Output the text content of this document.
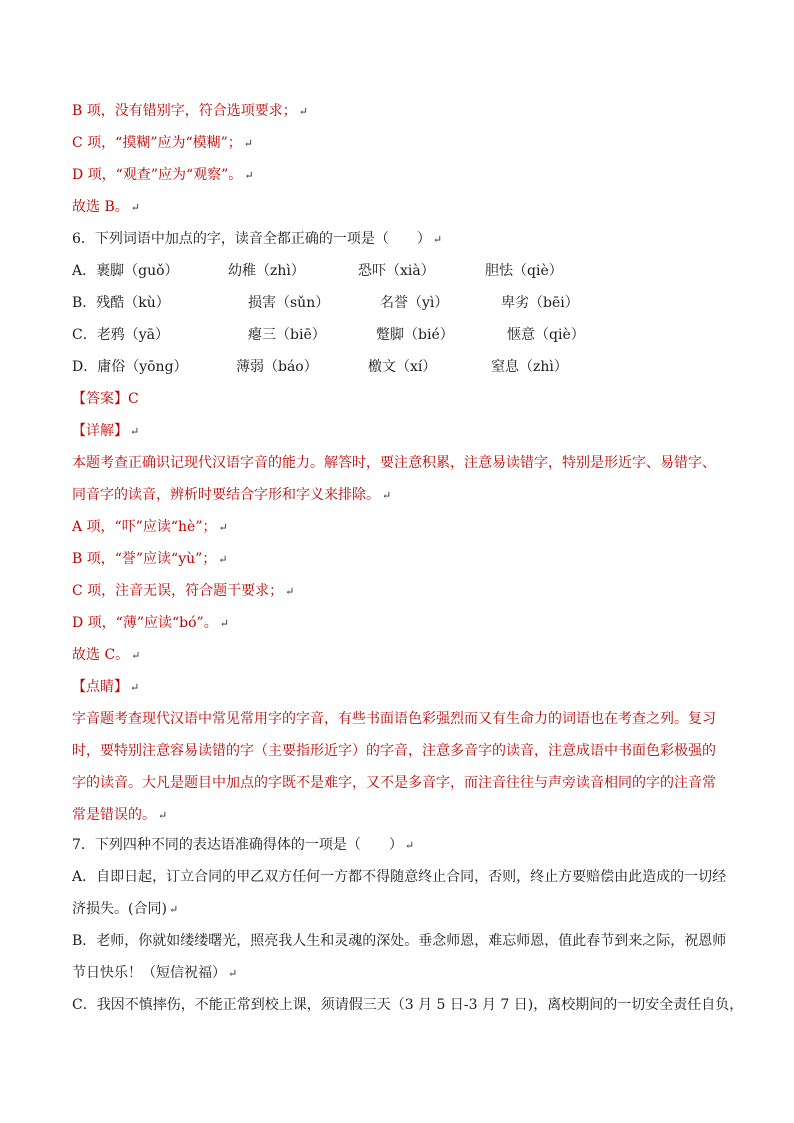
B 项，没有错别字，符合选项要求； ↵
C 项，“摸糊”应为“模糊”； ↵
D 项，“观查”应为“观察”。 ↵
故选 B。 ↵
6．下列词语中加点的字，读音全都正确的一项是（　　） ↵
A．裹脚（guǒ）	幼稚（zhì）	恐吓（xià）	胆怯（qiè）
B．残酷（kù）	损害（sǔn）	名誉（yì）	卑劣（bēi）
C．老鸦（yā）	瘪三（biē）	蹩脚（bié）	惬意（qiè）
D．庸俗（yōng）	薄弱（báo）	檄文（xí）	窒息（zhì）
【答案】C
【详解】 ↵
本题考查正确识记现代汉语字音的能力。解答时，要注意积累，注意易读错字，特别是形近字、易错字、
同音字的读音，辨析时要结合字形和字义来排除。 ↵
A 项，“吓”应读“hè”； ↵
B 项，“誉”应读“yù”； ↵
C 项，注音无误，符合题干要求； ↵
D 项，“薄”应读“bó”。 ↵
故选 C。 ↵
【点睛】 ↵
字音题考查现代汉语中常见常用字的字音，有些书面语色彩强烈而又有生命力的词语也在考查之列。复习
时，要特别注意容易读错的字（主要指形近字）的字音，注意多音字的读音，注意成语中书面色彩极强的
字的读音。大凡是题目中加点的字既不是难字，又不是多音字，而注音往往与声旁读音相同的字的注音常
常是错误的。 ↵
7．下列四种不同的表达语准确得体的一项是（　　） ↵
A．自即日起，订立合同的甲乙双方任何一方都不得随意终止合同，否则，终止方要赔偿由此造成的一切经
济损失。(合同) ↵
B．老师，你就如缕缕曙光，照亮我人生和灵魂的深处。垂念师恩，难忘师恩，值此春节到来之际，祝恩师
节日快乐！（短信祝福） ↵
C．我因不慎摔伤，不能正常到校上课，须请假三天（3 月 5 日-3 月 7 日)，离校期间的一切安全责任自负，
